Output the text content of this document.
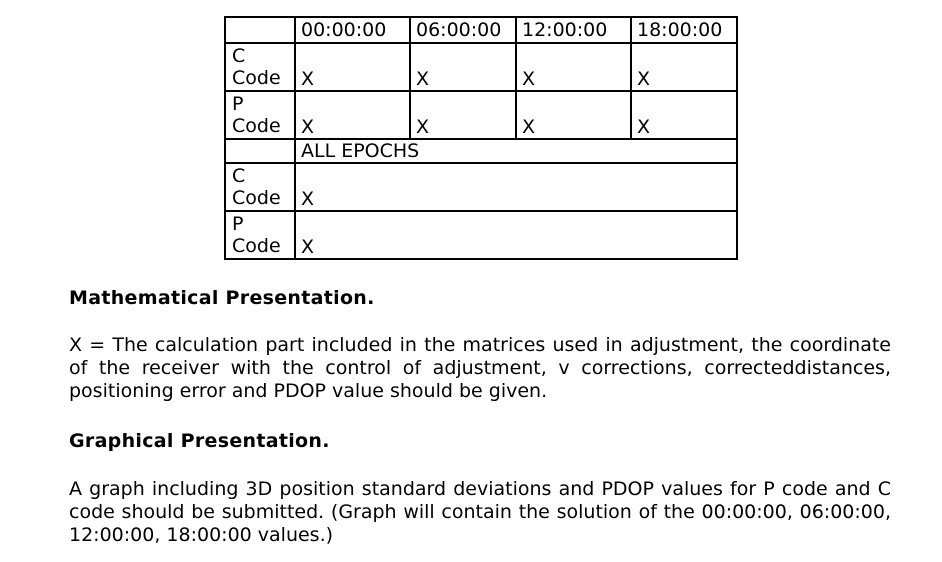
	00:00:00	06:00:00	12:00:00	18:00:00

C
Code	X	X	X	X

P
Code	X	X	X	X
	ALL EPOCHS			

C
Code	X			

P
Code	X			
Mathematical Presentation.
X = The calculation part included in the matrices used in adjustment, the coordinate of the receiver with the control of adjustment, v corrections, correcteddistances, positioning error and PDOP value should be given.
Graphical Presentation.
A graph including 3D position standard deviations and PDOP values for P code and C code should be submitted. (Graph will contain the solution of the 00:00:00, 06:00:00, 12:00:00, 18:00:00 values.)
